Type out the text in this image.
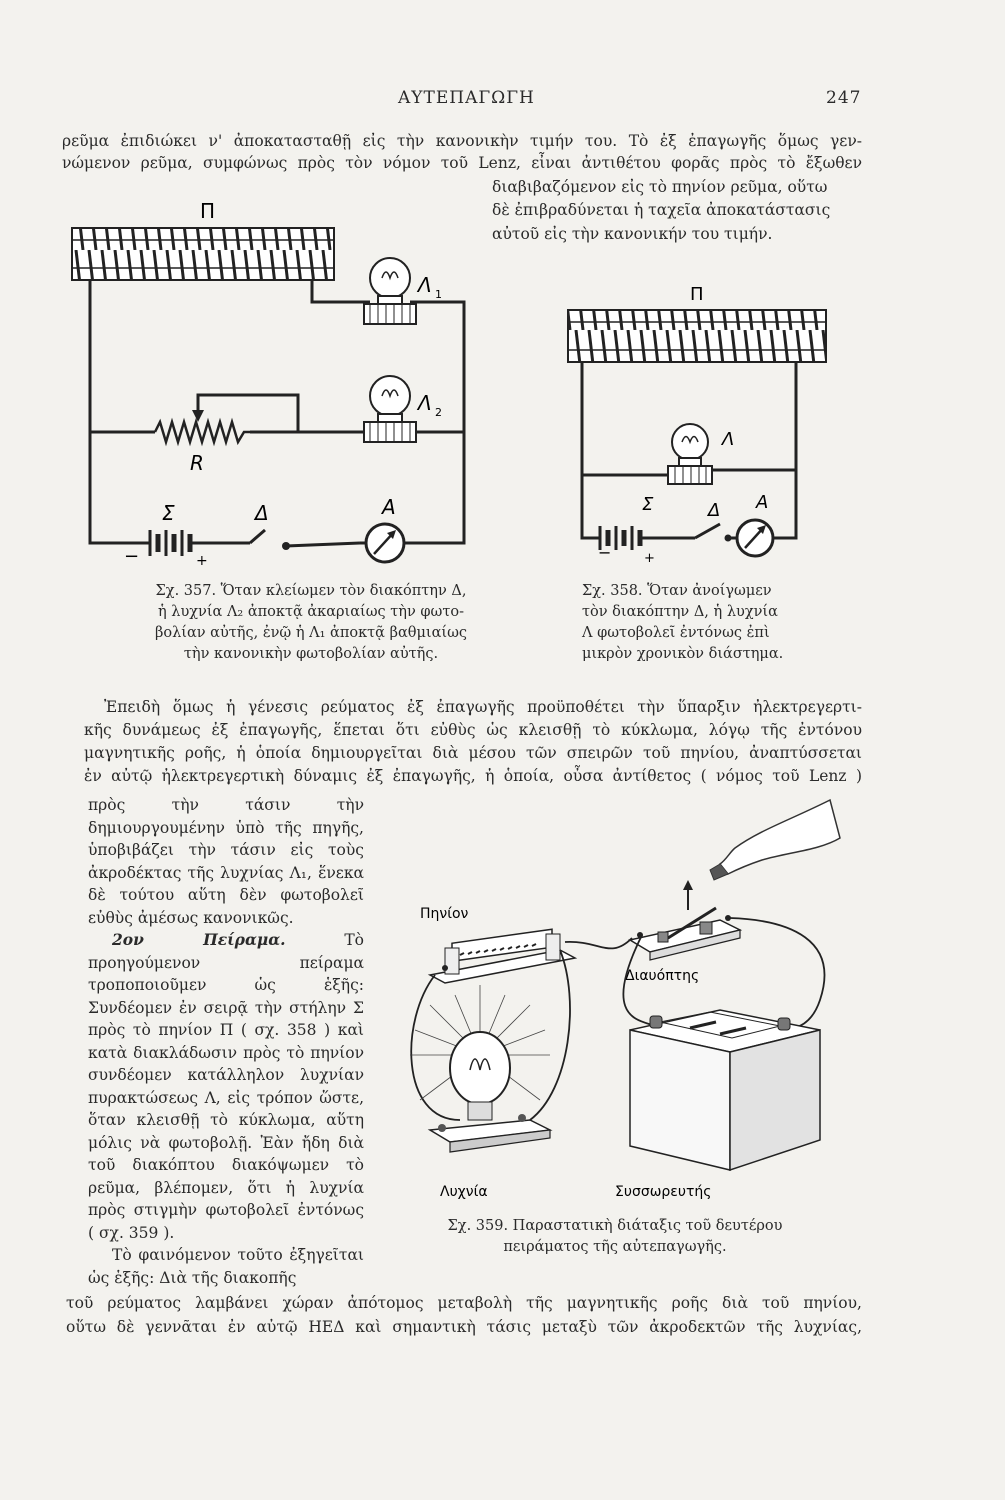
ΑΥΤΕΠΑΓΩΓΗ	247
ρεῦμα ἐπιδιώκει ν' ἀποκατασταθῇ εἰς τὴν κανονικὴν τιμήν του. Τὸ ἐξ ἐπαγωγῆς ὅμως γεν-
νώμενον ρεῦμα, συμφώνως πρὸς τὸν νόμον τοῦ Lenz, εἶναι ἀντιθέτου φορᾶς πρὸς τὸ ἔξωθεν
διαβιβαζόμενον εἰς τὸ πηνίον ρεῦμα, οὕτω
δὲ ἐπιβραδύνεται ἡ ταχεῖα ἀποκατάστασις
αὐτοῦ εἰς τὴν κανονικήν του τιμήν.
Π
Λ 1
Λ 2
R
Σ
−	+
Δ	Α
Σχ. 357. Ὅταν κλείωμεν τὸν διακόπτην Δ,
ἡ λυχνία Λ₂ ἀποκτᾷ ἀκαριαίως τὴν φωτο-
βολίαν αὐτῆς, ἐνῷ ἡ Λ₁ ἀποκτᾷ βαθμιαίως
τὴν κανονικὴν φωτοβολίαν αὐτῆς.
Π
Λ
Σ
−	+
Δ Α
Σχ. 358. Ὅταν ἀνοίγωμεν
τὸν διακόπτην Δ, ἡ λυχνία
Λ φωτοβολεῖ ἐντόνως ἐπὶ
μικρὸν χρονικὸν διάστημα.
Ἐπειδὴ ὅμως ἡ γένεσις ρεύματος ἐξ ἐπαγωγῆς προϋποθέτει τὴν ὕπαρξιν ἠλεκτρεγερτι-
κῆς δυνάμεως ἐξ ἐπαγωγῆς, ἕπεται ὅτι εὐθὺς ὡς κλεισθῇ τὸ κύκλωμα, λόγῳ τῆς ἐντόνου
μαγνητικῆς ροῆς, ἡ ὁποία δημιουργεῖται διὰ μέσου τῶν σπειρῶν τοῦ πηνίου, ἀναπτύσσεται
ἐν αὐτῷ ἠλεκτρεγερτικὴ δύναμις ἐξ ἐπαγωγῆς, ἡ ὁποία, οὖσα ἀντίθετος ( νόμος τοῦ Lenz )

πρὸς τὴν τάσιν τὴν δημιουργουμένην ὑπὸ τῆς πηγῆς, ὑποβιβάζει τὴν τάσιν εἰς τοὺς ἀκροδέκτας τῆς λυχνίας Λ₁, ἕνεκα δὲ τούτου αὕτη δὲν φωτοβολεῖ εὐθὺς ἀμέσως κανονικῶς.

2ον Πείραμα. Τὸ προηγούμενον πείραμα τροποποιοῦμεν ὡς ἑξῆς: Συνδέομεν ἐν σειρᾷ τὴν στήλην Σ πρὸς τὸ πηνίον Π ( σχ. 358 ) καὶ κατὰ διακλάδωσιν πρὸς τὸ πηνίον συνδέομεν κατάλληλον λυχνίαν πυρακτώσεως Λ, εἰς τρόπον ὥστε, ὅταν κλεισθῇ τὸ κύκλωμα, αὕτη μόλις νὰ φωτοβολῇ. Ἐὰν ἤδη διὰ τοῦ διακόπτου διακόψωμεν τὸ ρεῦμα, βλέπομεν, ὅτι ἡ λυχνία πρὸς στιγμὴν φωτοβολεῖ ἐντόνως ( σχ. 359 ).

Τὸ φαινόμενον τοῦτο ἐξηγεῖται ὡς ἑξῆς: Διὰ τῆς διακοπῆς

Διαυόπτης
Πηνίον
Λυχνία	Συσσωρευτής
Σχ. 359. Παραστατικὴ διάταξις τοῦ δευτέρου
πειράματος τῆς αὐτεπαγωγῆς.
τοῦ ρεύματος λαμβάνει χώραν ἀπότομος μεταβολὴ τῆς μαγνητικῆς ροῆς διὰ τοῦ πηνίου,
οὕτω δὲ γεννᾶται ἐν αὐτῷ ΗΕΔ καὶ σημαντικὴ τάσις μεταξὺ τῶν ἀκροδεκτῶν τῆς λυχνίας,
